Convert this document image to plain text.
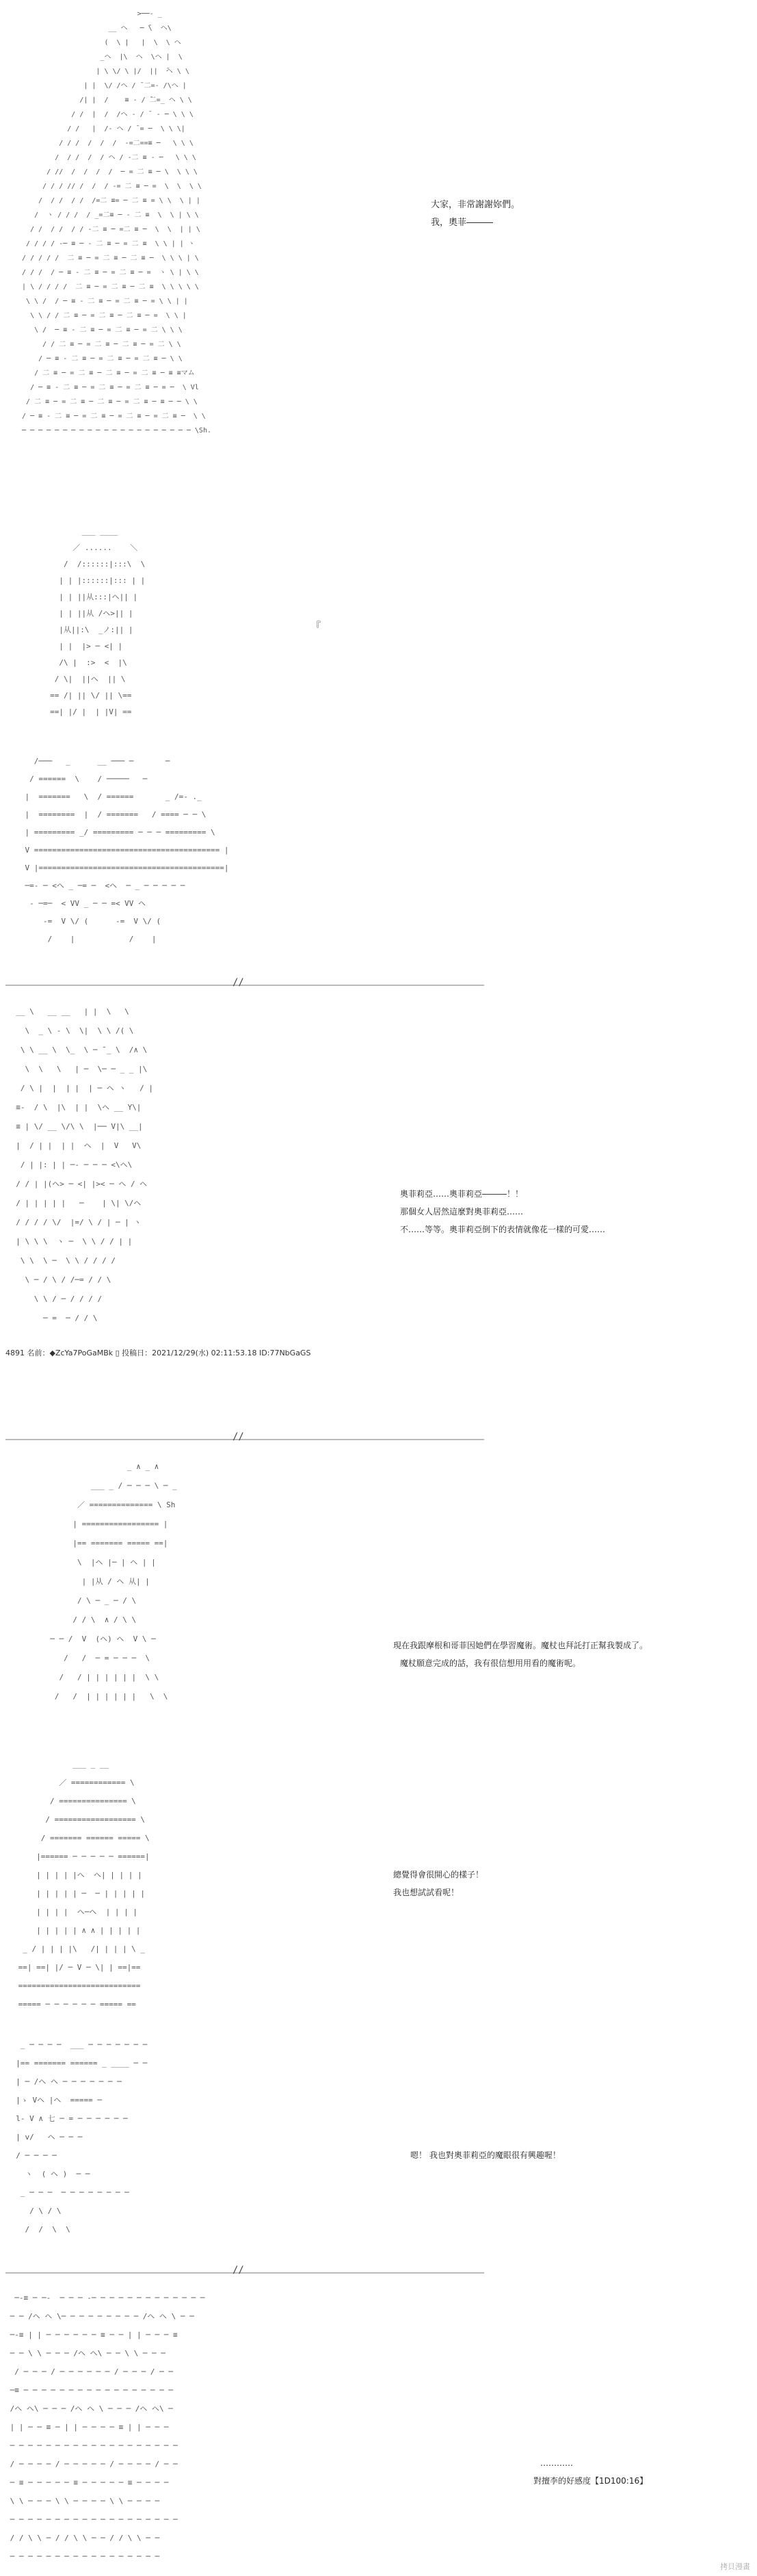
>──- _
__ ヘ   ─ ̄\  ヘ\
(  \ |   |  \  \ ヘ
_ヘ  |\  ヘ  \ヘ |  \
| \ \/ \ |/  ||  ̄ヘ \ \
| |  \/ /ヘ / ̄ 二=- /\ヘ |
/| |  /    ≡ - / ̄二=_ ヘ \ \
/ /  |  /  /ヘ - / ̄  - ─ \ \ \
/ /   |  /- ヘ / ̄ = ─  \ \ \|
/ / /  /  /  /  -=二==≡ ─   \ \ \
/  / /  /  / ヘ / -二 ≡ - ─   \ \ \
/ //  /  /  /  /  ─ = 二 ≡ ─ \  \ \ \
/ / / // /  /  / -= 二 ≡ ─ =  \  \  \ \
/  / /  / /  /=二 ≡= ─ 二 ≡ = \ \  \ | |
/  ヽ / / /  / _=二≡ ─ - 二 ≡  \  \ | \ \
/ /  / /  / / -二 ≡ ─ =二 ≡ ─  \  \  | | \
/ / / / -─ ≡ ─ - 二 ≡ ─ = 二 ≡  \ \ | | ヽ
/ / / / /  二 ≡ ─ = 二 ≡ ─ 二 ≡ ─  \ \ \ | \
/ / /  / ─ ≡ - 二 ≡ ─ = 二 ≡ ─ =  ヽ \ | \ \
| \ / / / /  二 ≡ ─ = 二 ≡ ─ 二 ≡  \ \ \ \ \
\ \ /  / ─ ≡ - 二 ≡ ─ = 二 ≡ ─ = \ \ | |
\ \ / / 二 ≡ ─ = 二 ≡ ─ 二 ≡ ─ =  \ \ |
\ /  ─ ≡ - 二 ≡ ─ = 二 ≡ ─ = 二 \ \ \
/ / 二 ≡ ─ = 二 ≡ ─ 二 ≡ ─ = 二 \ \
/ ─ ≡ - 二 ≡ ─ = 二 ≡ ─ = 二 ≡ ─ \ \
/ 二 ≡ ─ = 二 ≡ ─ 二 ≡ ─ = 二 ≡ ─ ≡ ≡マム
/ ─ ≡ - 二 ≡ ─ = 二 ≡ ─ = 二 ≡ ─ = ─  \ Vl
/ 二 ≡ ─ = 二 ≡ ─ 二 ≡ ─ = 二 ≡ ─ ≡ ─ ─ \ \
/ ─ ≡ - 二 ≡ ─ = 二 ≡ ─ = 二 ≡ ─ = 二 ≡ ─  \ \
─ ─ ─ ─ ─ ─ ─ ─ ─ ─ ─ ─ ─ ─ ─ ─ ─ ─ ─ ─ ─ \Sh.
大家，非常謝謝妳們。
我，奧菲―――
___ ____
／ ......    ＼
/  /::::::|:::\  \
| | |::::::|::: | |
| | ||从:::|ヘ|| |
| | ||从 /ヘ>|| |
|从||:\  _ノ:|| |
| |  |> ─ <| |
/\ |  :>  <  |\
/ \|  ||ヘ  || \
== /| || \/ || \==
==| |/ |  | |V| ==
『
/───   _      __ ─── ─       ─
/ ======  \    / ─────   ─
|  =======   \  / ======       _ /=- ._
|  ========  |  / =======   / ==== ─ ─ \
| ========= _/ ========= ─ ─ ─ ========= \
V ========================================= |
V |=========================================|
─=- ─ <ヘ _ ─= ─  <ヘ  ─ _ ─ ─ ─ ─ ─
- ─=─  < VV _ ─ ─ =< VV ヘ
-=  V \/ (      -=  V \/ (
/    |            /    |
//
__ \   __ __   | |  \   \
\  _ \ - \  \|  \ \ /( \
\ \ __ \  \_  \ ─ ̄ _ \  /∧ \
\  \   \   | ─  \─ ─ _ _ |\
/ \ |  |  | |  | ─ ヘ ヽ   / |
≡-  / \  |\  | |  \ヘ __ Y\|
≡ | \/ __ \/\ \  |── V|\ __|
|  / | |  | |  ヘ  |  V   V\
/ | |: | | ─- ─ ─ ─ <\ヘ\
/ / | |(ヘ> ─ <| |>< ─ ヘ / ヘ
/ | | | | |   ─    | \| \/ヘ
/ / / / \/  |=/ \ / | ─ | ヽ
| \ \ \  ヽ ─  \ \ / / | |
\ \  \ ─  \ \ / / / /
\ ─ / \ / /─= / / \
\ \ / ─ / / / /
─ =  ─ / / \
奧菲莉亞……奧菲莉亞―――！！
那個女人居然這麼對奧菲莉亞……
不……等等。奧菲莉亞倒下的表情就像花一樣的可愛……
4891 名前：◆ZcYa7PoGaMBk ▯ 投稿日：2021/12/29(水) 02:11:53.18 ID:77NbGaGS
//
_ ∧ _ ∧
___ _ / ─ ─ ─ \ ─ _
／ ============== \ Sh
| ================= |
|== ======= ===== ==|
\  |ヘ |─ | ヘ | |
| |从 / ヘ 从| |
/ \ ─ _ ─ / \
/ / \  ∧ / \ \
─ ─ /  V  (ヘ) ヘ  V \ ─
/   /  ─ = ─ ─ ─  \
/   / | | | | | |  \ \
/   /  | | | | | |   \  \
現在我跟摩根和哥菲因她們在學習魔術。魔杖也拜託打正幫我製成了。
魔杖願意完成的話，我有很信想用用看的魔術呢。
___ _ __
／ ============ \
/ =============== \
/ ================== \
/ ======= ====== ===== \
|====== ─ ─ ─ ─ ─ ======|
| | | | |ヘ  ヘ| | | | |
| | | | | ─  ─ | | | | |
| | | |  ヘ─ヘ  | | | |
| | | | | ∧ ∧ | | | | |
_ / | | | |\   /| | | | \ _
==| ==| |/ ─ V ─ \| | ==|==
===========================
===== ─ ─ ─ ─ ─ ─ ===== ==
總覺得會很開心的樣子！
我也想試試看呢！
_ ─ ─ ─ ─  ___ ─ ─ ─ ─ ─ ─ ─
|== ======= ====== _ ____ ─ ─
| ─ /ヘ ヘ ─ ─ ─ ─ ─ ─ ─
|ゝ Vヘ |ヘ  ===== ─
l- V ∧ 七 ─ = ─ ─ ─ ─ ─ ─
| v/   ヘ ─ ─ ─
/ ─ ─ ─ ─
ヽ  ( ヘ )  ─ ─
_ ─ ─ ─  ─ ─ ─ ─ ─ ─ ─ ─
/ \ / \
/  /  \  \
嗯！ 我也對奧菲莉亞的魔眼很有興趣喔！
//
─-≡ ─ ─-  ─ ─ ─ -─ ─ ─ ─ ─ ─ ─ ─ ─ ─ ─ ─ ─
─ ─ /ヘ ヘ \─ ─ ─ ─ ─ ─ ─ ─ ─ /ヘ ヘ \ ─ ─
─-≡ | | ─ ─ ─ ─ ─ ─ ≡ ─ ─ | | ─ ─ ─ ≡
─ ─ \ \ ─ ─ ─ /ヘ ヘ\ ─ ─ \ \ ─ ─ ─
/ ─ ─ ─ / ─ ─ ─ ─ ─ ─ / ─ ─ ─ / ─ ─
─≡ ─ ─ ─ ─ ─ ─ ─ ─ ─ ─ ─ ─ ─ ─ ─ ─ ─
/ヘ ヘ\ ─ ─ ─ /ヘ ヘ \ ─ ─ ─ /ヘ ヘ\ ─
| | ─ ─ ≡ ─ | | ─ ─ ─ ─ ≡ | | ─ ─ ─
─ ─ ─ ─ ─ ─ ─ ─ ─ ─ ─ ─ ─ ─ ─ ─ ─ ─ ─
/ ─ ─ ─ ─ / ─ ─ ─ ─ ─ / ─ ─ ─ ─ / ─ ─
─ ≡ ─ ─ ─ ─ ─ ≡ ─ ─ ─ ─ ─ ≡ ─ ─ ─ ─
\ \ ─ ─ ─ \ \ ─ ─ ─ ─ \ \ ─ ─ ─ ─
─ ─ ─ ─ ─ ─ ─ ─ ─ ─ ─ ─ ─ ─ ─ ─ ─ ─ ─
/ / \ \ ─ / / \ \ ─ ─ / / \ \ ─ ─
─ ─ ─ ─ ─ ─ ─ ─ ─ ─ ─ ─ ─ ─ ─ ─ ─
…………
對擅李的好感度【1D100:16】
拷貝漫畫
